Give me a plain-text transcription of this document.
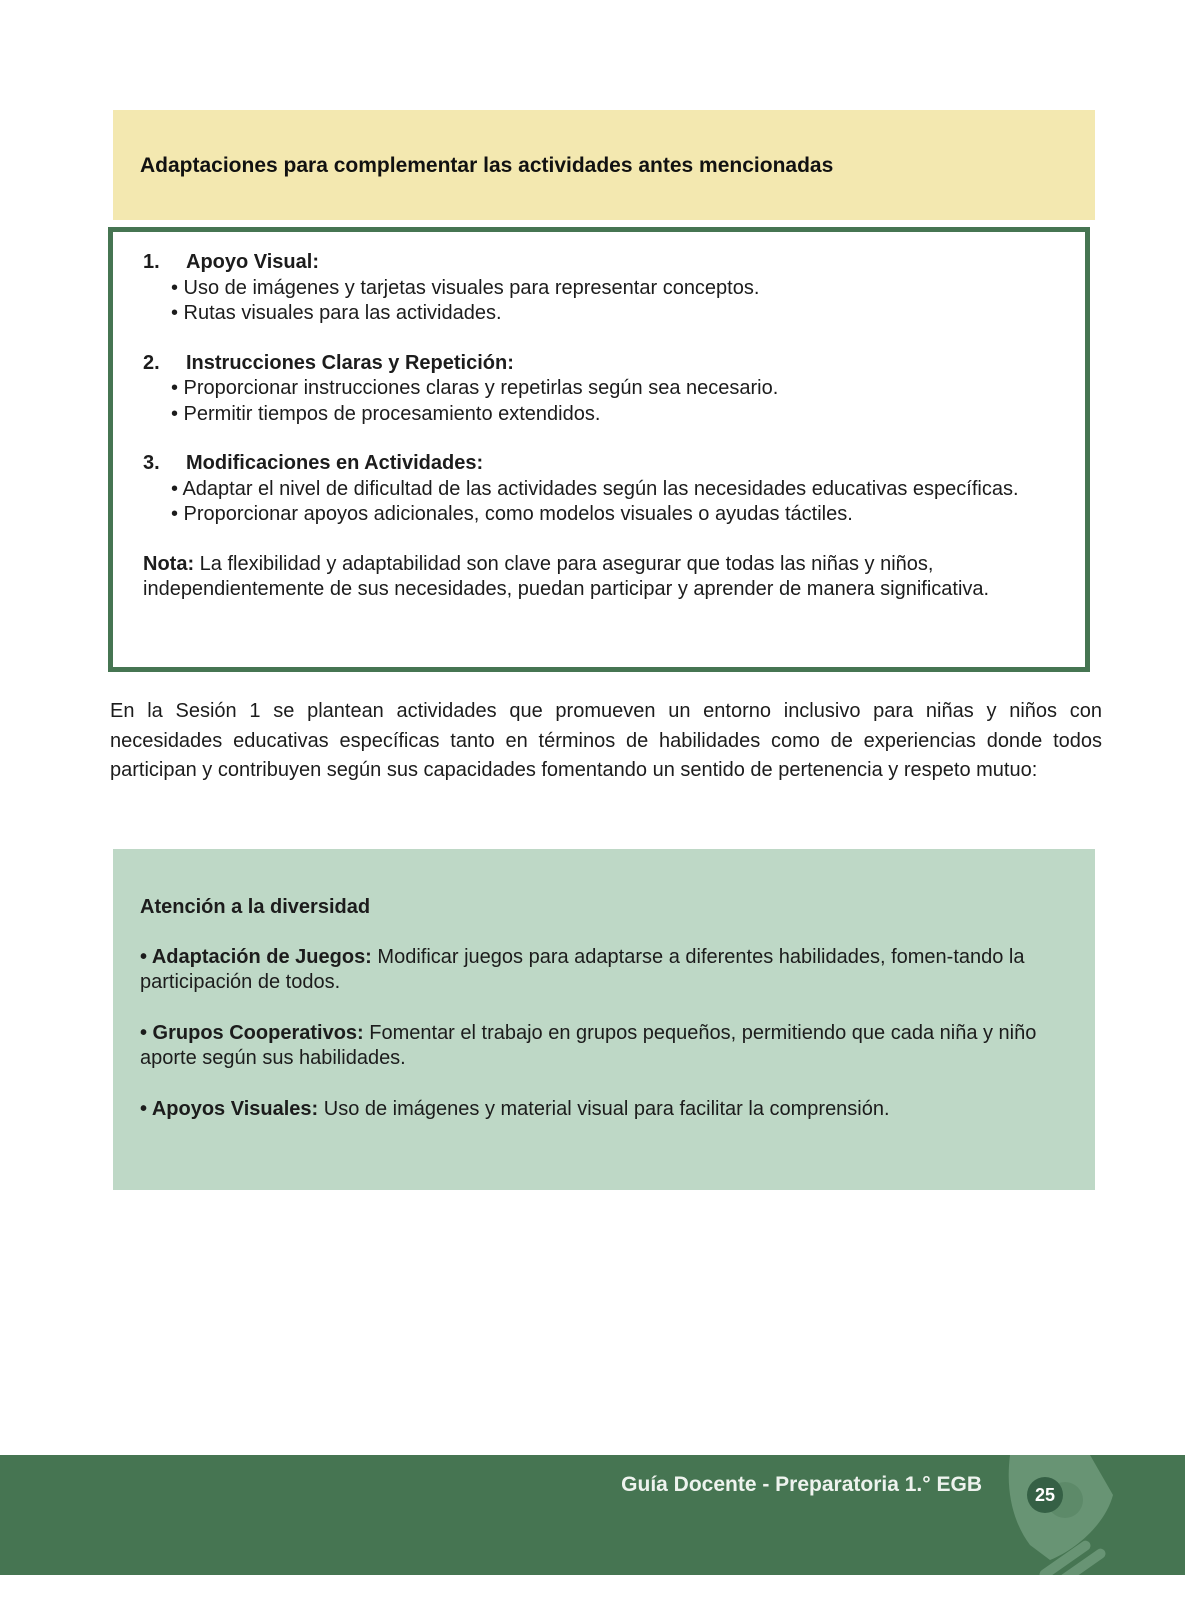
Adaptaciones para complementar las actividades antes mencionadas
1.	Apoyo Visual:
• Uso de imágenes y tarjetas visuales para representar conceptos.
• Rutas visuales para las actividades.
2.	Instrucciones Claras y Repetición:
• Proporcionar instrucciones claras y repetirlas según sea necesario.
• Permitir tiempos de procesamiento extendidos.
3.	Modificaciones en Actividades:
• Adaptar el nivel de dificultad de las actividades según las necesidades educativas específicas.
• Proporcionar apoyos adicionales, como modelos visuales o ayudas táctiles.
Nota: La flexibilidad y adaptabilidad son clave para asegurar que todas las niñas y niños, independientemente de sus necesidades, puedan participar y aprender de manera significativa.

En la Sesión 1 se plantean actividades que promueven un entorno inclusivo para niñas y niños con necesidades educativas específicas tanto en términos de habilidades como de experiencias donde todos participan y contribuyen según sus capacidades fomentando un sentido de pertenencia y respeto mutuo:

Atención a la diversidad
• Adaptación de Juegos: Modificar juegos para adaptarse a diferentes habilidades, fomen-tando la participación de todos.
• Grupos Cooperativos: Fomentar el trabajo en grupos pequeños, permitiendo que cada niña y niño aporte según sus habilidades.
• Apoyos Visuales: Uso de imágenes y material visual para facilitar la comprensión.
Guía Docente - Preparatoria 1.° EGB	25
